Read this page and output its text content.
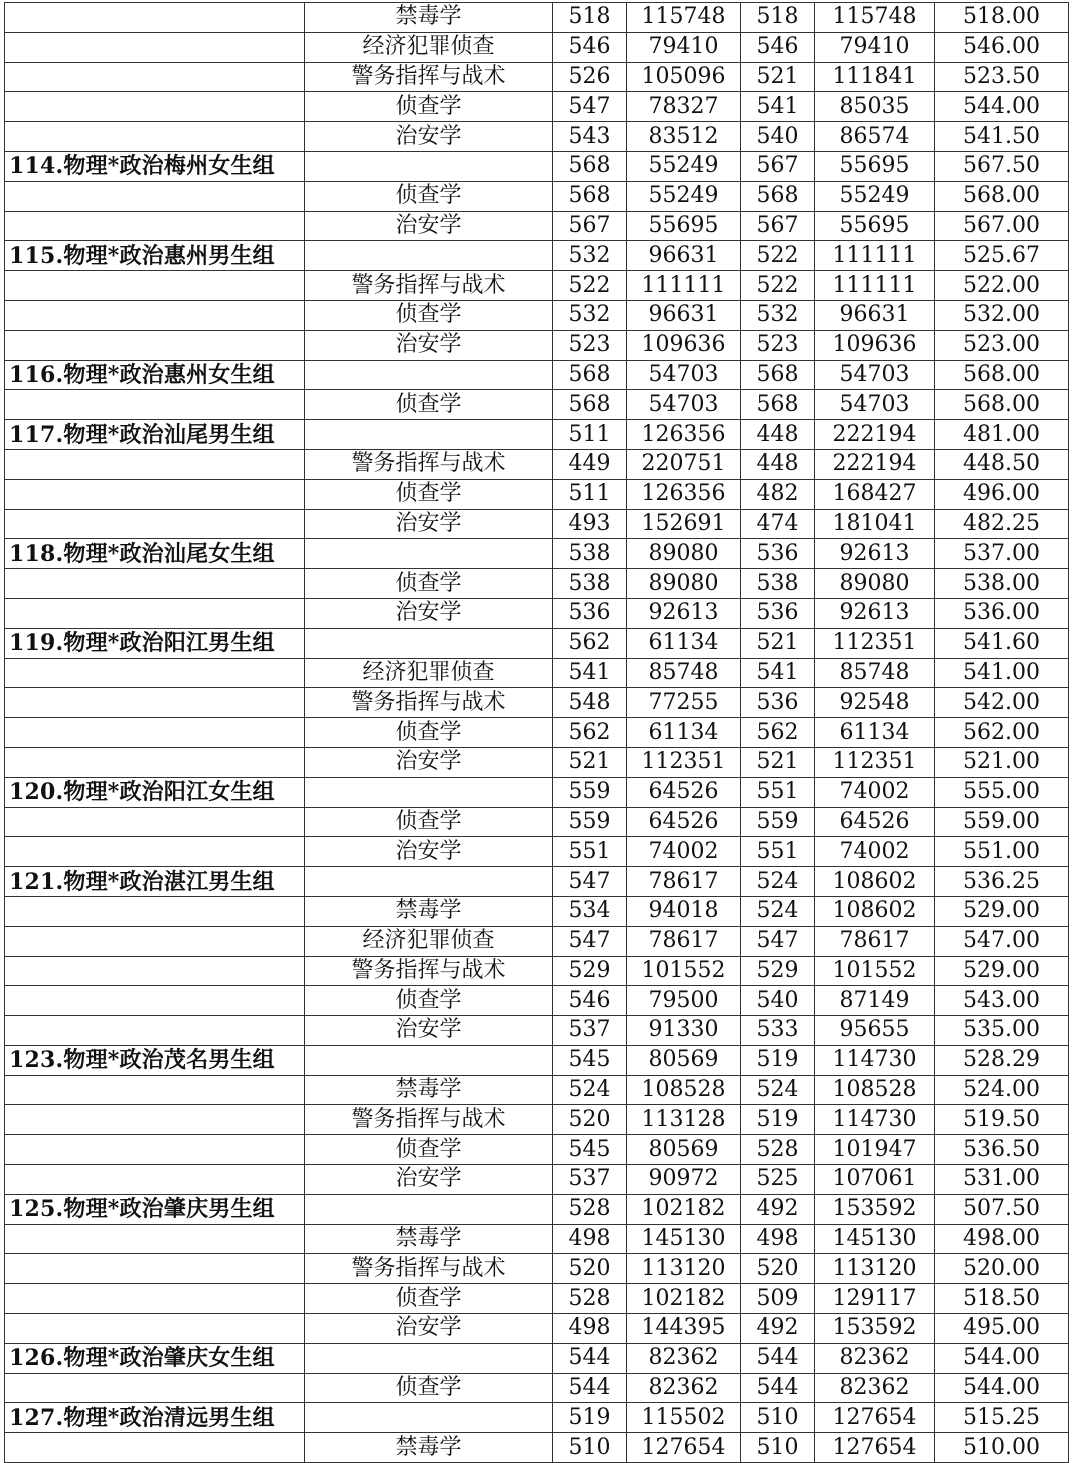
	禁毒学	518	115748	518	115748	518.00
	经济犯罪侦查	546	79410	546	79410	546.00
	警务指挥与战术	526	105096	521	111841	523.50
	侦查学	547	78327	541	85035	544.00
	治安学	543	83512	540	86574	541.50
114.物理*政治梅州女生组		568	55249	567	55695	567.50
	侦查学	568	55249	568	55249	568.00
	治安学	567	55695	567	55695	567.00
115.物理*政治惠州男生组		532	96631	522	111111	525.67
	警务指挥与战术	522	111111	522	111111	522.00
	侦查学	532	96631	532	96631	532.00
	治安学	523	109636	523	109636	523.00
116.物理*政治惠州女生组		568	54703	568	54703	568.00
	侦查学	568	54703	568	54703	568.00
117.物理*政治汕尾男生组		511	126356	448	222194	481.00
	警务指挥与战术	449	220751	448	222194	448.50
	侦查学	511	126356	482	168427	496.00
	治安学	493	152691	474	181041	482.25
118.物理*政治汕尾女生组		538	89080	536	92613	537.00
	侦查学	538	89080	538	89080	538.00
	治安学	536	92613	536	92613	536.00
119.物理*政治阳江男生组		562	61134	521	112351	541.60
	经济犯罪侦查	541	85748	541	85748	541.00
	警务指挥与战术	548	77255	536	92548	542.00
	侦查学	562	61134	562	61134	562.00
	治安学	521	112351	521	112351	521.00
120.物理*政治阳江女生组		559	64526	551	74002	555.00
	侦查学	559	64526	559	64526	559.00
	治安学	551	74002	551	74002	551.00
121.物理*政治湛江男生组		547	78617	524	108602	536.25
	禁毒学	534	94018	524	108602	529.00
	经济犯罪侦查	547	78617	547	78617	547.00
	警务指挥与战术	529	101552	529	101552	529.00
	侦查学	546	79500	540	87149	543.00
	治安学	537	91330	533	95655	535.00
123.物理*政治茂名男生组		545	80569	519	114730	528.29
	禁毒学	524	108528	524	108528	524.00
	警务指挥与战术	520	113128	519	114730	519.50
	侦查学	545	80569	528	101947	536.50
	治安学	537	90972	525	107061	531.00
125.物理*政治肇庆男生组		528	102182	492	153592	507.50
	禁毒学	498	145130	498	145130	498.00
	警务指挥与战术	520	113120	520	113120	520.00
	侦查学	528	102182	509	129117	518.50
	治安学	498	144395	492	153592	495.00
126.物理*政治肇庆女生组		544	82362	544	82362	544.00
	侦查学	544	82362	544	82362	544.00
127.物理*政治清远男生组		519	115502	510	127654	515.25
	禁毒学	510	127654	510	127654	510.00
